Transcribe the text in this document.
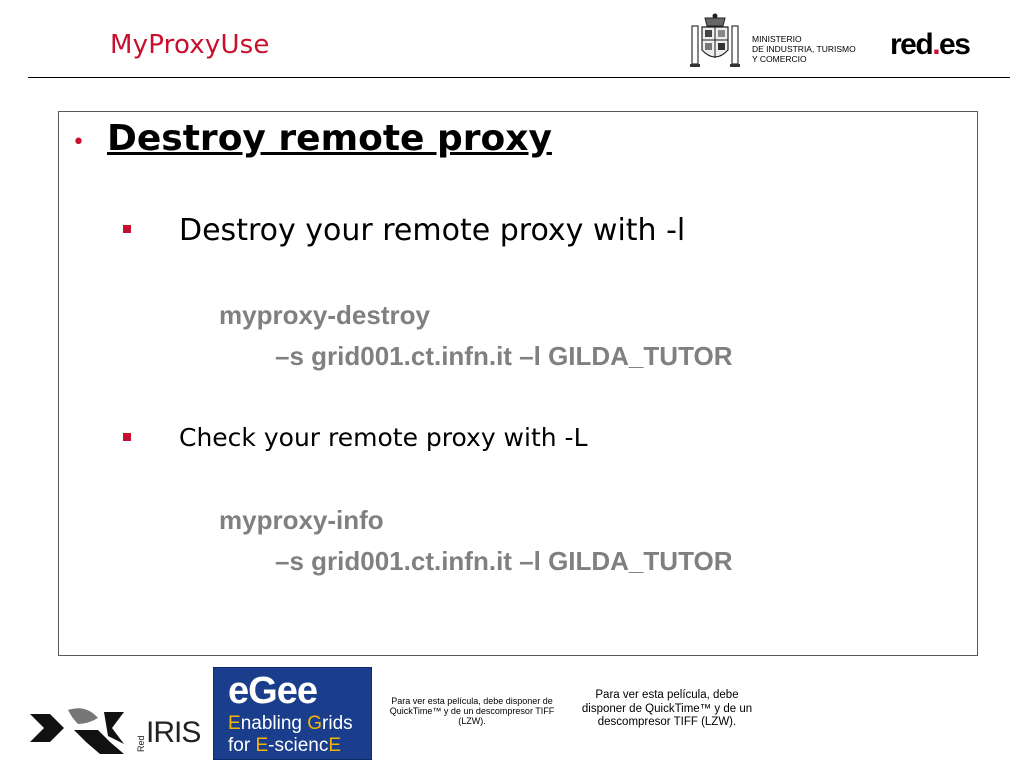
MyProxyUse	MINISTERIO
DE INDUSTRIA, TURISMO
Y COMERCIO	red.es
• Destroy remote proxy
Destroy your remote proxy with -l
myproxy-destroy
–s grid001.ct.infn.it –l GILDA_TUTOR
Check your remote proxy with -L
myproxy-info
–s grid001.ct.infn.it –l GILDA_TUTOR
Red IRIS
eGee
Enabling Grids
for E-sciencE
Para ver esta película, debe disponer de QuickTime™ y de un descompresor TIFF (LZW).
Para ver esta película, debe disponer de QuickTime™ y de un descompresor TIFF (LZW).
